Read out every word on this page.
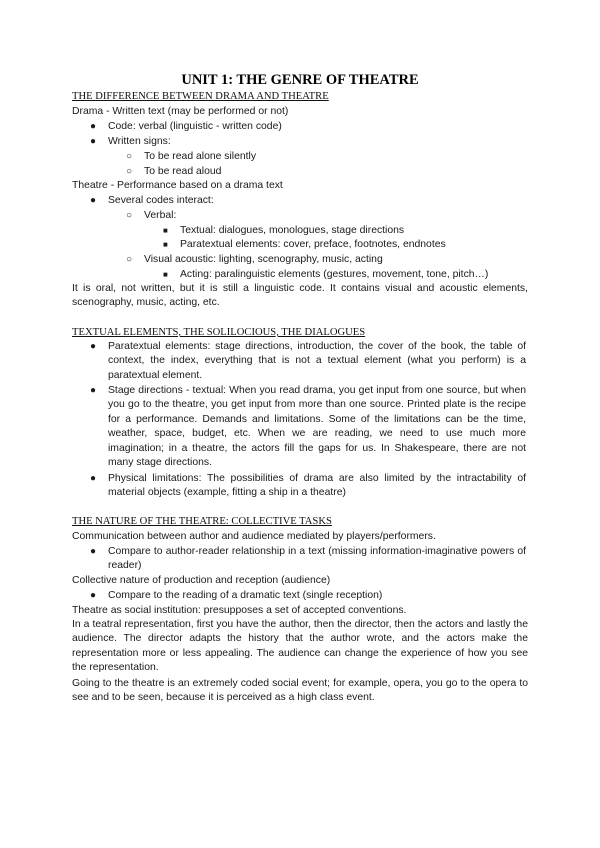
UNIT 1: THE GENRE OF THEATRE
THE DIFFERENCE BETWEEN DRAMA AND THEATRE
Drama - Written text (may be performed or not)
● Code: verbal (linguistic - written code)
● Written signs:
○ To be read alone silently
○ To be read aloud
Theatre - Performance based on a drama text
● Several codes interact:
○ Verbal:
■ Textual: dialogues, monologues, stage directions
■ Paratextual elements: cover, preface, footnotes, endnotes
○ Visual acoustic: lighting, scenography, music, acting
■ Acting: paralinguistic elements (gestures, movement, tone, pitch…)
It is oral, not written, but it is still a linguistic code. It contains visual and acoustic elements, scenography, music, acting, etc.
TEXTUAL ELEMENTS, THE SOLILOCIOUS, THE DIALOGUES
● Paratextual elements: stage directions, introduction, the cover of the book, the table of context, the index, everything that is not a textual element (what you perform) is a paratextual element.
● Stage directions - textual: When you read drama, you get input from one source, but when you go to the theatre, you get input from more than one source. Printed plate is the recipe for a performance. Demands and limitations. Some of the limitations can be the time, weather, space, budget, etc. When we are reading, we need to use much more imagination; in a theatre, the actors fill the gaps for us. In Shakespeare, there are not many stage directions.
● Physical limitations: The possibilities of drama are also limited by the intractability of material objects (example, fitting a ship in a theatre)
THE NATURE OF THE THEATRE: COLLECTIVE TASKS
Communication between author and audience mediated by players/performers.
● Compare to author-reader relationship in a text (missing information-imaginative powers of reader)
Collective nature of production and reception (audience)
● Compare to the reading of a dramatic text (single reception)
Theatre as social institution: presupposes a set of accepted conventions.
In a teatral representation, first you have the author, then the director, then the actors and lastly the audience. The director adapts the history that the author wrote, and the actors make the representation more or less appealing. The audience can change the experience of how you see the representation.
Going to the theatre is an extremely coded social event; for example, opera, you go to the opera to see and to be seen, because it is perceived as a high class event.
